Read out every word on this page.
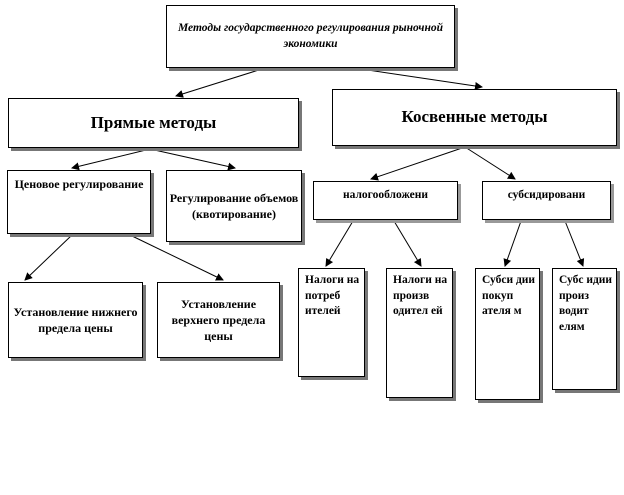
Методы государственного регулирования рыночной экономики
Прямые методы	Косвенные методы
Ценовое регулирование
Регулирование объемов (квотирование)
Установление нижнего предела цены
Установление верхнего предела цены
налогообложени	субсидировани
Налоги на потреб ителей
Налоги на произв одител ей
Субси дии покуп ателя м
Субс идии произ водит елям
